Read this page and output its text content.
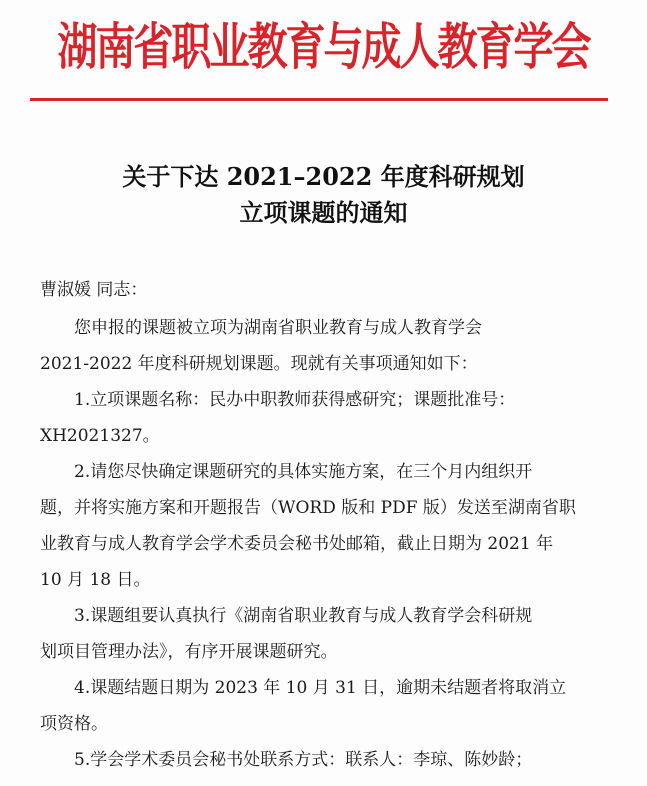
湖南省职业教育与成人教育学会
关于下达 2021–2022 年度科研规划
立项课题的通知
曹淑媛 同志：
　　您申报的课题被立项为湖南省职业教育与成人教育学会
2021-2022 年度科研规划课题。现就有关事项通知如下：
　　1.立项课题名称：民办中职教师获得感研究；课题批准号：
XH2021327。
　　2.请您尽快确定课题研究的具体实施方案，在三个月内组织开
题，并将实施方案和开题报告（WORD 版和 PDF 版）发送至湖南省职
业教育与成人教育学会学术委员会秘书处邮箱，截止日期为 2021 年
10 月 18 日。
　　3.课题组要认真执行《湖南省职业教育与成人教育学会科研规
划项目管理办法》，有序开展课题研究。
　　4.课题结题日期为 2023 年 10 月 31 日，逾期未结题者将取消立
项资格。
　　5.学会学术委员会秘书处联系方式：联系人：李琼、陈妙龄；
